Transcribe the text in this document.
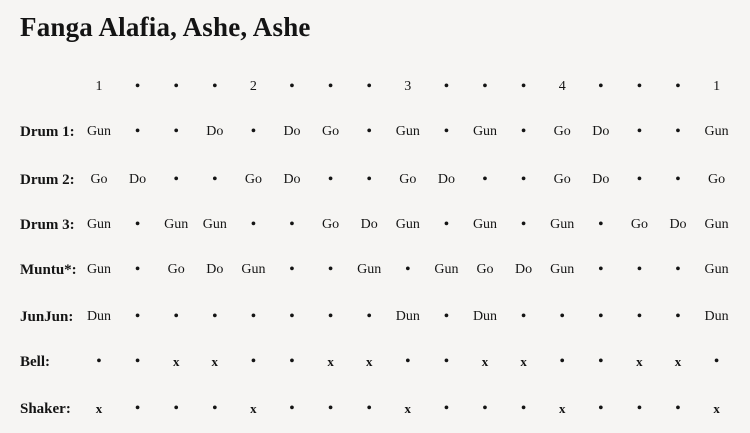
Fanga Alafia, Ashe, Ashe
1	•	•	•	2	•	•	•	3	•	•	•	4	•	•	•	1
Drum 1: Gun	•	•	Do	•	Do	Go	•	Gun	•	Gun	•	Go	Do	•	•	Gun
Drum 2:	Go	Do	•	•	Go	Do	•	•	Go	Do	•	•	Go	Do	•	•	Go
Drum 3: Gun	•	Gun	Gun	•	•	Go	Do	Gun	•	Gun	•	Gun	•	Go	Do	Gun
Muntu*: Gun	•	Go	Do	Gun	•	•	Gun	•	Gun	Go	Do	Gun	•	•	•	Gun
JunJun: Dun	•	•	•	•	•	•	•	Dun	•	Dun	•	•	•	•	•	Dun
Bell:	•	•	x	x	•	•	x	x	•	•	x	x	•	•	x	x	•
Shaker:	x	•	•	•	x	•	•	•	x	•	•	•	x	•	•	•	x
